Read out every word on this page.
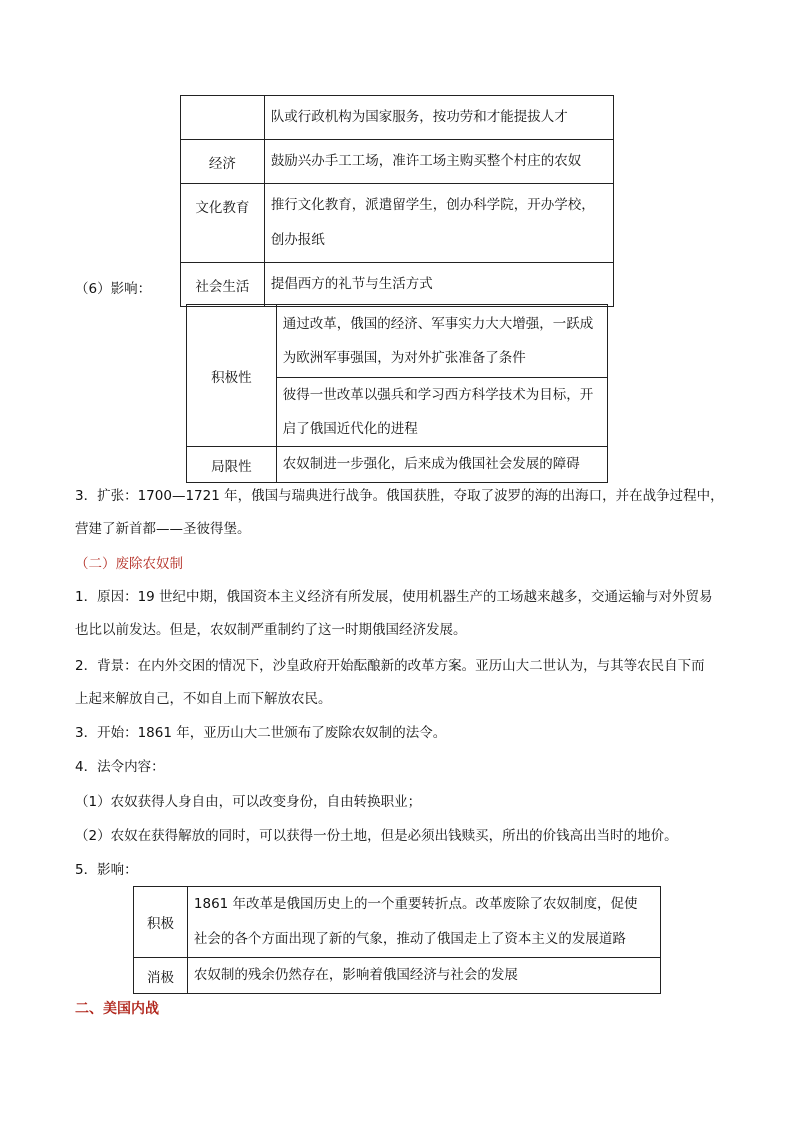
	队或行政机构为国家服务，按功劳和才能提拔人才
经济	鼓励兴办手工工场，准许工场主购买整个村庄的农奴
文化教育	推行文化教育，派遣留学生，创办科学院，开办学校，
创办报纸

社会生活	提倡西方的礼节与生活方式

（6）影响：

积极性	通过改革，俄国的经济、军事实力大大增强，一跃成
为欧洲军事强国，为对外扩张准备了条件

	彼得一世改革以强兵和学习西方科学技术为目标，开
启了俄国近代化的进程

局限性	农奴制进一步强化，后来成为俄国社会发展的障碍

3．扩张：1700—1721 年，俄国与瑞典进行战争。俄国获胜，夺取了波罗的海的出海口，并在战争过程中，

营建了新首都——圣彼得堡。

（二）废除农奴制

1．原因：19 世纪中期，俄国资本主义经济有所发展，使用机器生产的工场越来越多，交通运输与对外贸易

也比以前发达。但是，农奴制严重制约了这一时期俄国经济发展。

2．背景：在内外交困的情况下，沙皇政府开始酝酿新的改革方案。亚历山大二世认为，与其等农民自下而

上起来解放自己，不如自上而下解放农民。

3．开始：1861 年，亚历山大二世颁布了废除农奴制的法令。

4．法令内容：

（1）农奴获得人身自由，可以改变身份，自由转换职业；

（2）农奴在获得解放的同时，可以获得一份土地，但是必须出钱赎买，所出的价钱高出当时的地价。

5．影响：

积极	1861 年改革是俄国历史上的一个重要转折点。改革废除了农奴制度，促使
社会的各个方面出现了新的气象，推动了俄国走上了资本主义的发展道路

消极	农奴制的残余仍然存在，影响着俄国经济与社会的发展

二、美国内战
